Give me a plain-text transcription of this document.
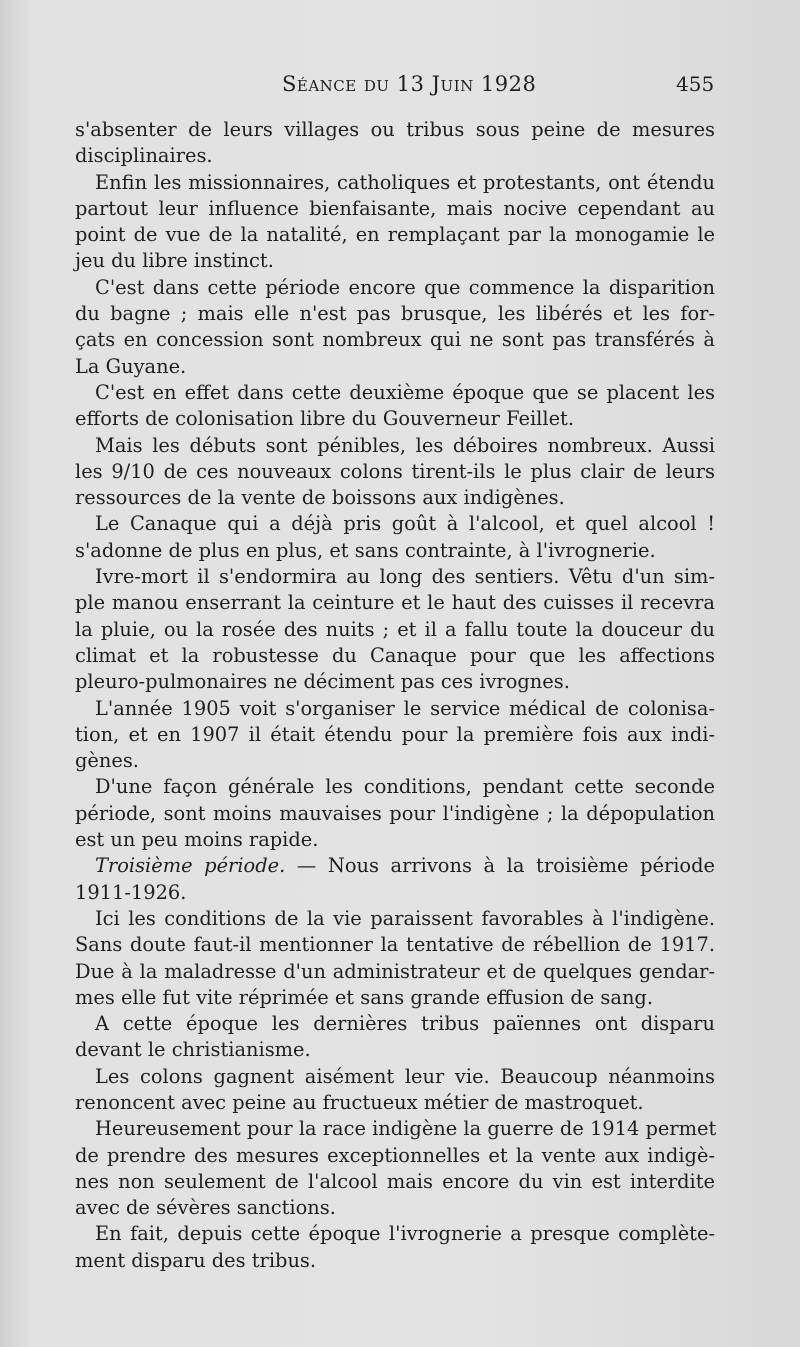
Séance du 13 Juin 1928	455
s'absenter de leurs villages ou tribus sous peine de mesures
disciplinaires.
Enfin les missionnaires, catholiques et protestants, ont étendu
partout leur influence bienfaisante, mais nocive cependant au
point de vue de la natalité, en remplaçant par la monogamie le
jeu du libre instinct.
C'est dans cette période encore que commence la disparition
du bagne ; mais elle n'est pas brusque, les libérés et les for-
çats en concession sont nombreux qui ne sont pas transférés à
La Guyane.
C'est en effet dans cette deuxième époque que se placent les
efforts de colonisation libre du Gouverneur Feillet.
Mais les débuts sont pénibles, les déboires nombreux. Aussi
les 9/10 de ces nouveaux colons tirent-ils le plus clair de leurs
ressources de la vente de boissons aux indigènes.
Le Canaque qui a déjà pris goût à l'alcool, et quel alcool !
s'adonne de plus en plus, et sans contrainte, à l'ivrognerie.
Ivre-mort il s'endormira au long des sentiers. Vêtu d'un sim-
ple manou enserrant la ceinture et le haut des cuisses il recevra
la pluie, ou la rosée des nuits ; et il a fallu toute la douceur du
climat et la robustesse du Canaque pour que les affections
pleuro-pulmonaires ne déciment pas ces ivrognes.
L'année 1905 voit s'organiser le service médical de colonisa-
tion, et en 1907 il était étendu pour la première fois aux indi-
gènes.
D'une façon générale les conditions, pendant cette seconde
période, sont moins mauvaises pour l'indigène ; la dépopulation
est un peu moins rapide.
Troisième période. — Nous arrivons à la troisième période
1911-1926.
Ici les conditions de la vie paraissent favorables à l'indigène.
Sans doute faut-il mentionner la tentative de rébellion de 1917.
Due à la maladresse d'un administrateur et de quelques gendar-
mes elle fut vite réprimée et sans grande effusion de sang.
A cette époque les dernières tribus païennes ont disparu
devant le christianisme.
Les colons gagnent aisément leur vie. Beaucoup néanmoins
renoncent avec peine au fructueux métier de mastroquet.
Heureusement pour la race indigène la guerre de 1914 permet
de prendre des mesures exceptionnelles et la vente aux indigè-
nes non seulement de l'alcool mais encore du vin est interdite
avec de sévères sanctions.
En fait, depuis cette époque l'ivrognerie a presque complète-
ment disparu des tribus.
